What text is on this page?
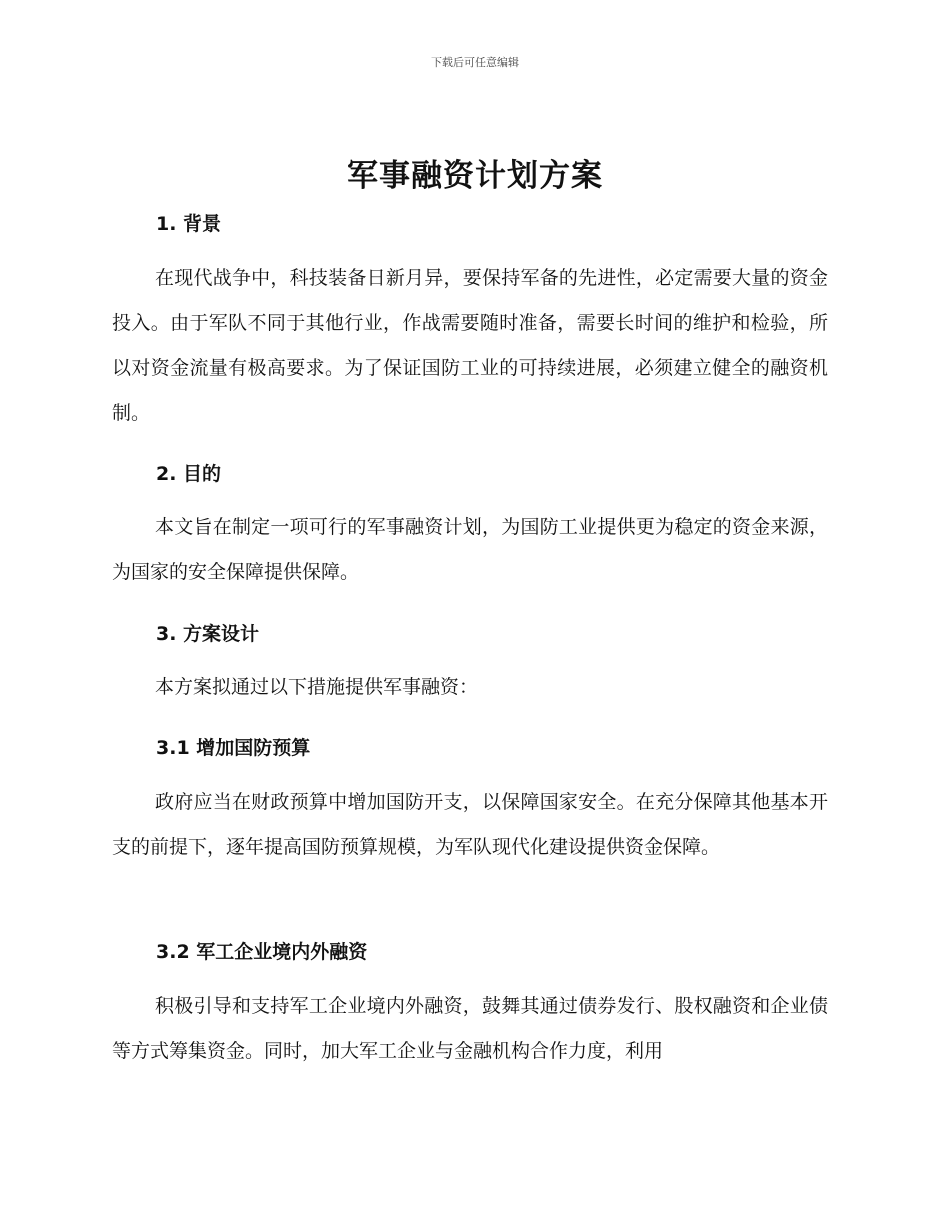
下载后可任意编辑
军事融资计划方案
1. 背景

在现代战争中，科技装备日新月异，要保持军备的先进性，必定需要大量的资金投入。由于军队不同于其他行业，作战需要随时准备，需要长时间的维护和检验，所以对资金流量有极高要求。为了保证国防工业的可持续进展，必须建立健全的融资机制。

2. 目的

本文旨在制定一项可行的军事融资计划，为国防工业提供更为稳定的资金来源，为国家的安全保障提供保障。

3. 方案设计

本方案拟通过以下措施提供军事融资：

3.1 增加国防预算

政府应当在财政预算中增加国防开支，以保障国家安全。在充分保障其他基本开支的前提下，逐年提高国防预算规模，为军队现代化建设提供资金保障。

3.2 军工企业境内外融资

积极引导和支持军工企业境内外融资，鼓舞其通过债券发行、股权融资和企业债等方式筹集资金。同时，加大军工企业与金融机构合作力度，利用
